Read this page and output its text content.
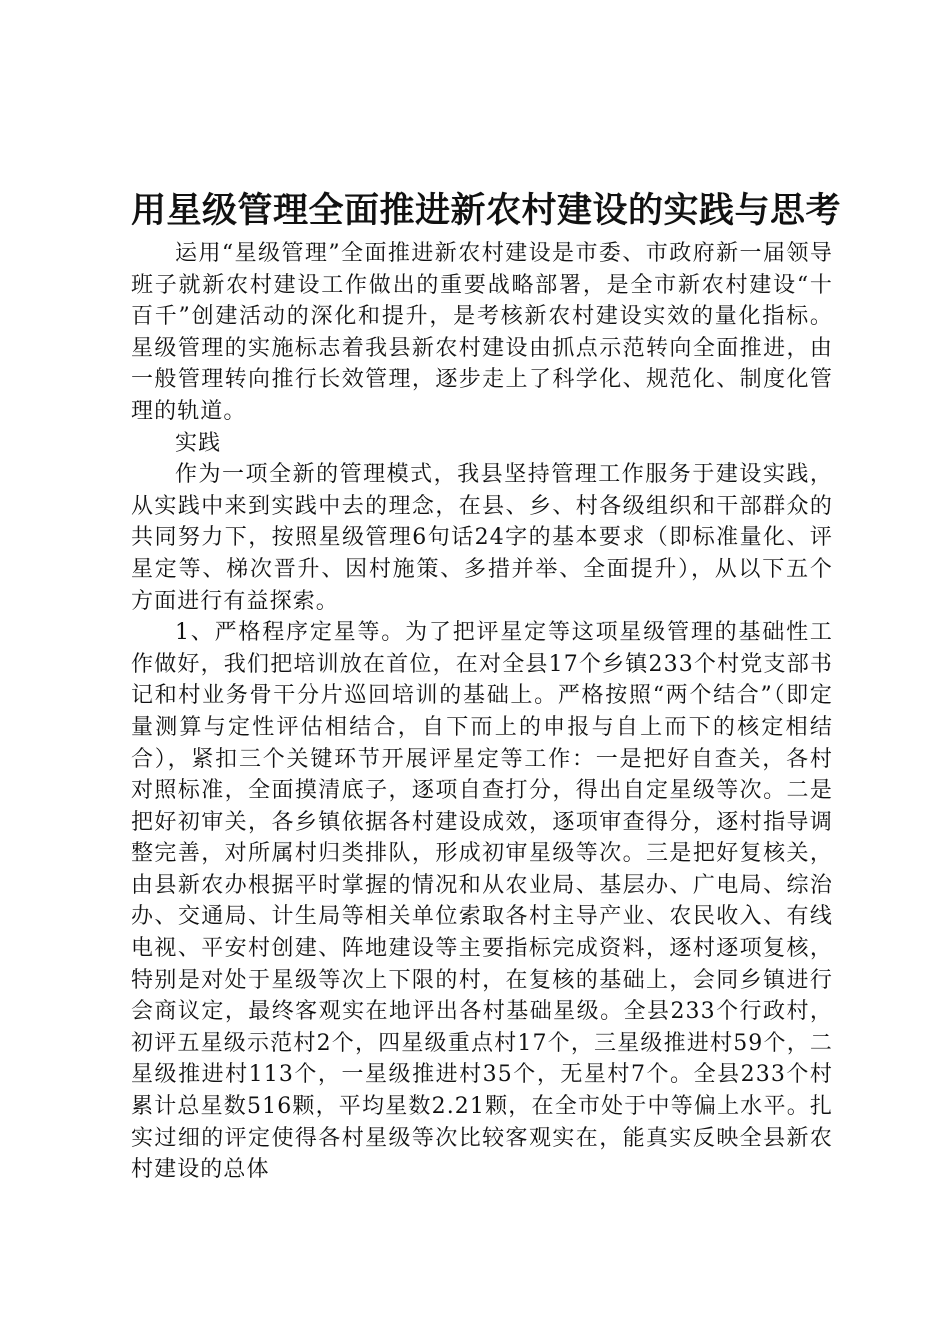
用星级管理全面推进新农村建设的实践与思考

运用“星级管理”全面推进新农村建设是市委、市政府新一届领导班子就新农村建设工作做出的重要战略部署，是全市新农村建设“十百千”创建活动的深化和提升，是考核新农村建设实效的量化指标。星级管理的实施标志着我县新农村建设由抓点示范转向全面推进，由一般管理转向推行长效管理，逐步走上了科学化、规范化、制度化管理的轨道。

实践

作为一项全新的管理模式，我县坚持管理工作服务于建设实践，从实践中来到实践中去的理念，在县、乡、村各级组织和干部群众的共同努力下，按照星级管理6句话24字的基本要求（即标准量化、评星定等、梯次晋升、因村施策、多措并举、全面提升），从以下五个方面进行有益探索。

1、严格程序定星等。为了把评星定等这项星级管理的基础性工作做好，我们把培训放在首位，在对全县17个乡镇233个村党支部书记和村业务骨干分片巡回培训的基础上。严格按照“两个结合”（即定量测算与定性评估相结合，自下而上的申报与自上而下的核定相结合），紧扣三个关键环节开展评星定等工作：一是把好自查关，各村对照标准，全面摸清底子，逐项自查打分，得出自定星级等次。二是把好初审关，各乡镇依据各村建设成效，逐项审查得分，逐村指导调整完善，对所属村归类排队，形成初审星级等次。三是把好复核关，由县新农办根据平时掌握的情况和从农业局、基层办、广电局、综治办、交通局、计生局等相关单位索取各村主导产业、农民收入、有线电视、平安村创建、阵地建设等主要指标完成资料，逐村逐项复核，特别是对处于星级等次上下限的村，在复核的基础上，会同乡镇进行会商议定，最终客观实在地评出各村基础星级。全县233个行政村，初评五星级示范村2个，四星级重点村17个，三星级推进村59个，二星级推进村113个，一星级推进村35个，无星村7个。全县233个村累计总星数516颗，平均星数2.21颗，在全市处于中等偏上水平。扎实过细的评定使得各村星级等次比较客观实在，能真实反映全县新农村建设的总体
